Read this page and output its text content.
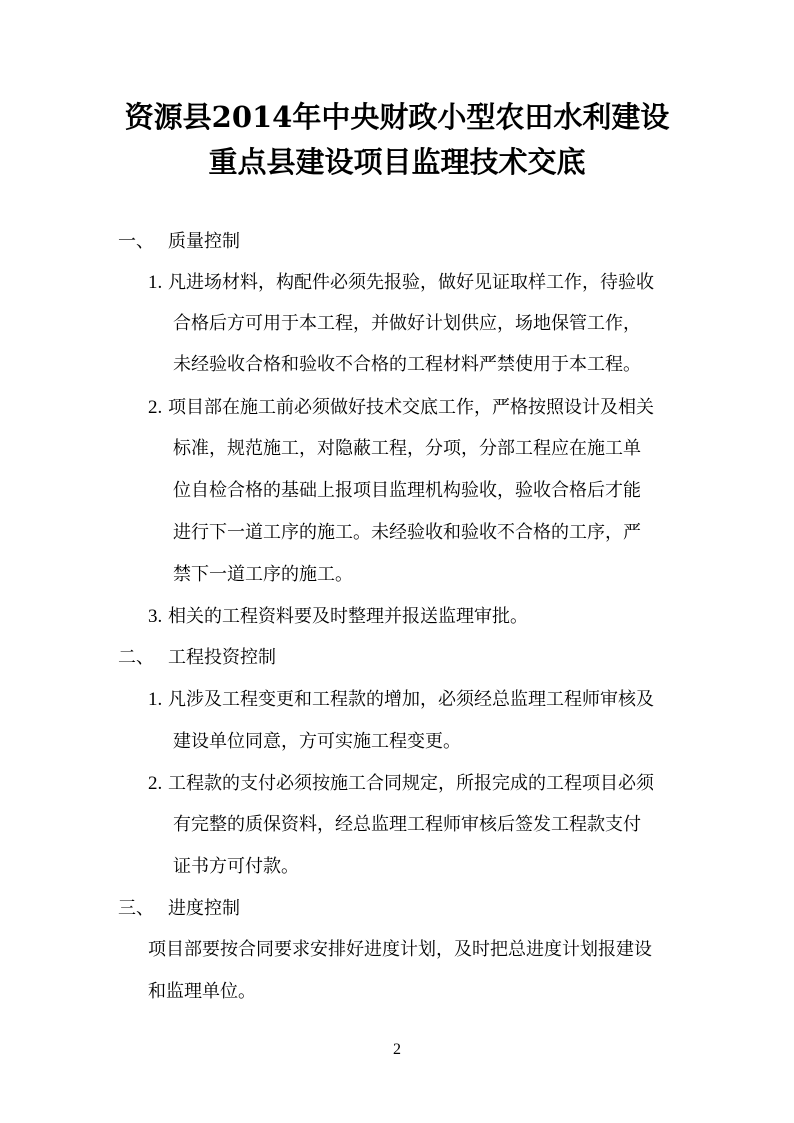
资源县2014年中央财政小型农田水利建设
重点县建设项目监理技术交底
一、 质量控制
1. 凡进场材料，构配件必须先报验，做好见证取样工作，待验收
合格后方可用于本工程，并做好计划供应，场地保管工作，
未经验收合格和验收不合格的工程材料严禁使用于本工程。
2. 项目部在施工前必须做好技术交底工作，严格按照设计及相关
标准，规范施工，对隐蔽工程，分项，分部工程应在施工单
位自检合格的基础上报项目监理机构验收，验收合格后才能
进行下一道工序的施工。未经验收和验收不合格的工序，严
禁下一道工序的施工。
3. 相关的工程资料要及时整理并报送监理审批。
二、 工程投资控制
1. 凡涉及工程变更和工程款的增加，必须经总监理工程师审核及
建设单位同意，方可实施工程变更。
2. 工程款的支付必须按施工合同规定，所报完成的工程项目必须
有完整的质保资料，经总监理工程师审核后签发工程款支付
证书方可付款。
三、 进度控制
项目部要按合同要求安排好进度计划，及时把总进度计划报建设
和监理单位。
2
